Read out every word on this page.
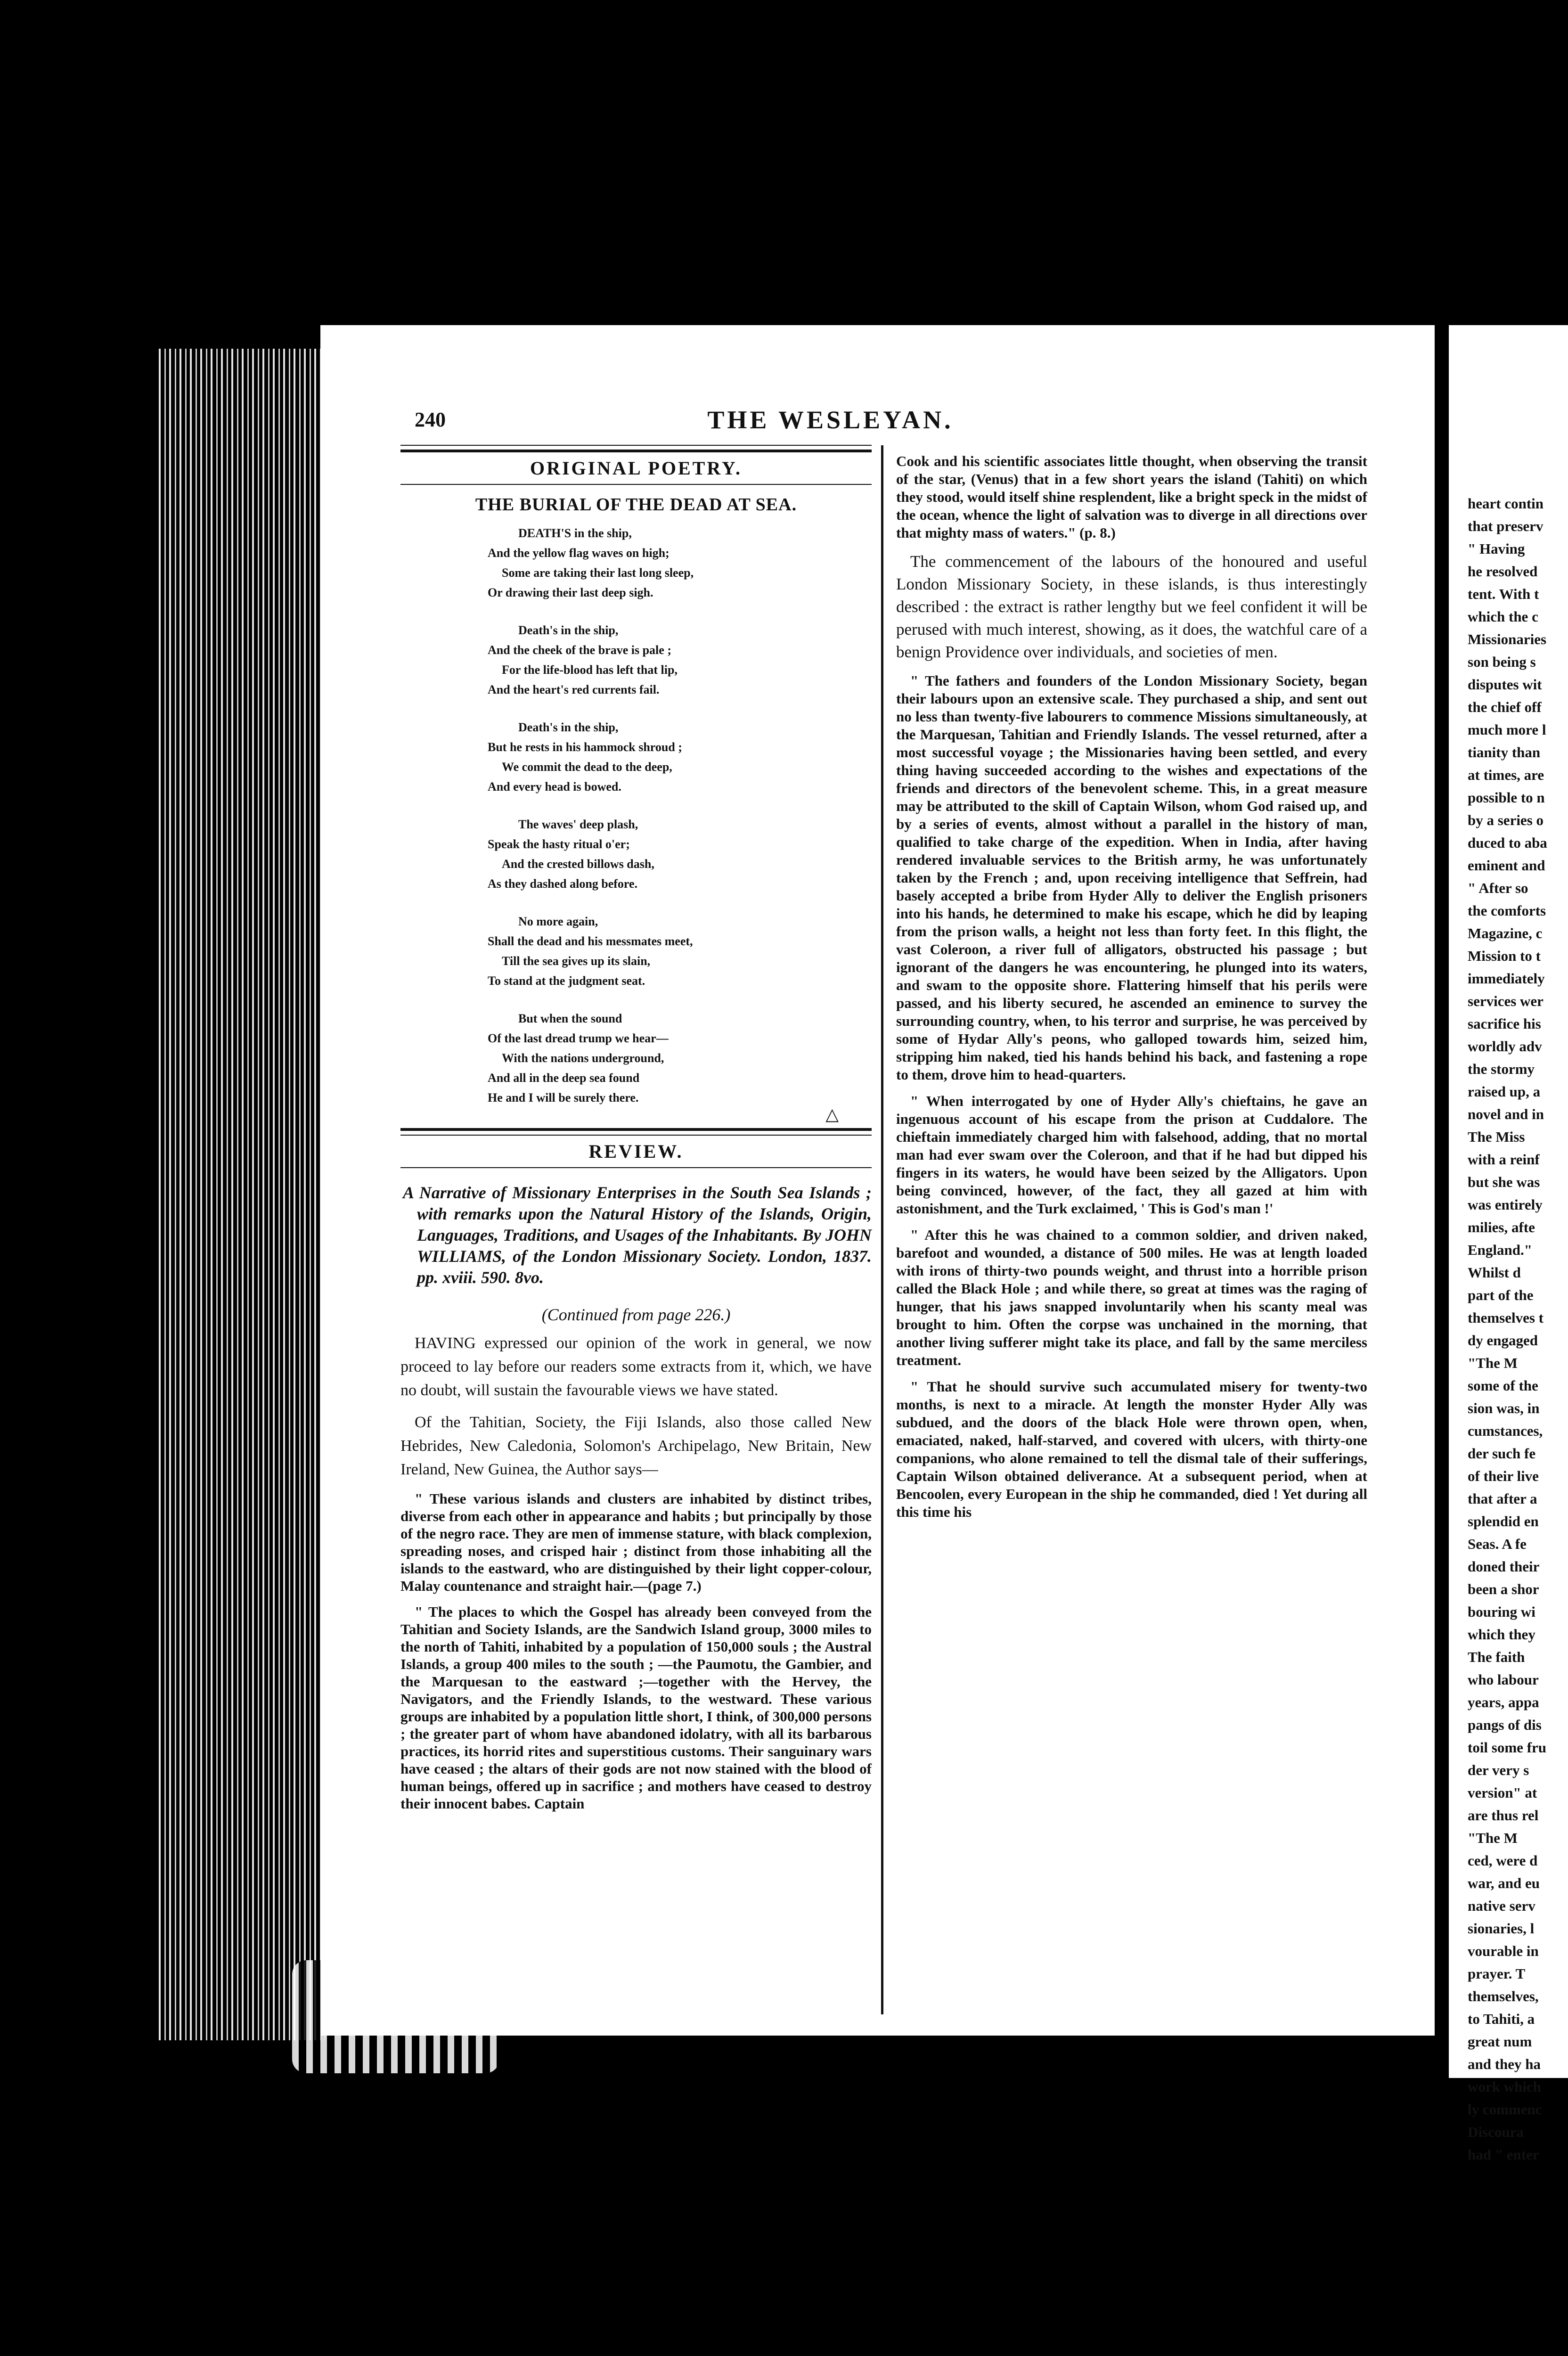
240	THE WESLEYAN.
ORIGINAL POETRY.
THE BURIAL OF THE DEAD AT SEA.
DEATH'S in the ship,
And the yellow flag waves on high;
Some are taking their last long sleep,
Or drawing their last deep sigh.
Death's in the ship,
And the cheek of the brave is pale ;
For the life-blood has left that lip,
And the heart's red currents fail.
Death's in the ship,
But he rests in his hammock shroud ;
We commit the dead to the deep,
And every head is bowed.
The waves' deep plash,
Speak the hasty ritual o'er;
And the crested billows dash,
As they dashed along before.
No more again,
Shall the dead and his messmates meet,
Till the sea gives up its slain,
To stand at the judgment seat.
But when the sound
Of the last dread trump we hear—
With the nations underground,
And all in the deep sea found
He and I will be surely there.
△
REVIEW.
A Narrative of Missionary Enterprises in the South Sea Islands ; with remarks upon the Natural History of the Islands, Origin, Languages, Traditions, and Usages of the Inhabitants. By JOHN WILLIAMS, of the London Missionary Society. London, 1837. pp. xviii. 590. 8vo.
(Continued from page 226.)

HAVING expressed our opinion of the work in general, we now proceed to lay before our readers some extracts from it, which, we have no doubt, will sustain the favourable views we have stated.

Of the Tahitian, Society, the Fiji Islands, also those called New Hebrides, New Caledonia, Solomon's Archipelago, New Britain, New Ireland, New Guinea, the Author says—

" These various islands and clusters are inhabited by distinct tribes, diverse from each other in appearance and habits ; but principally by those of the negro race. They are men of immense stature, with black complexion, spreading noses, and crisped hair ; distinct from those inhabiting all the islands to the eastward, who are distinguished by their light copper-colour, Malay countenance and straight hair.—(page 7.)

" The places to which the Gospel has already been conveyed from the Tahitian and Society Islands, are the Sandwich Island group, 3000 miles to the north of Tahiti, inhabited by a population of 150,000 souls ; the Austral Islands, a group 400 miles to the south ; —the Paumotu, the Gambier, and the Marquesan to the eastward ;—together with the Hervey, the Navigators, and the Friendly Islands, to the westward. These various groups are inhabited by a population little short, I think, of 300,000 persons ; the greater part of whom have abandoned idolatry, with all its barbarous practices, its horrid rites and superstitious customs. Their sanguinary wars have ceased ; the altars of their gods are not now stained with the blood of human beings, offered up in sacrifice ; and mothers have ceased to destroy their innocent babes. Captain

Cook and his scientific associates little thought, when observing the transit of the star, (Venus) that in a few short years the island (Tahiti) on which they stood, would itself shine resplendent, like a bright speck in the midst of the ocean, whence the light of salvation was to diverge in all directions over that mighty mass of waters." (p. 8.)

The commencement of the labours of the honoured and useful London Missionary Society, in these islands, is thus interestingly described : the extract is rather lengthy but we feel confident it will be perused with much interest, showing, as it does, the watchful care of a benign Providence over individuals, and societies of men.

" The fathers and founders of the London Missionary Society, began their labours upon an extensive scale. They purchased a ship, and sent out no less than twenty-five labourers to commence Missions simultaneously, at the Marquesan, Tahitian and Friendly Islands. The vessel returned, after a most successful voyage ; the Missionaries having been settled, and every thing having succeeded according to the wishes and expectations of the friends and directors of the benevolent scheme. This, in a great measure may be attributed to the skill of Captain Wilson, whom God raised up, and by a series of events, almost without a parallel in the history of man, qualified to take charge of the expedition. When in India, after having rendered invaluable services to the British army, he was unfortunately taken by the French ; and, upon receiving intelligence that Seffrein, had basely accepted a bribe from Hyder Ally to deliver the English prisoners into his hands, he determined to make his escape, which he did by leaping from the prison walls, a height not less than forty feet. In this flight, the vast Coleroon, a river full of alligators, obstructed his passage ; but ignorant of the dangers he was encountering, he plunged into its waters, and swam to the opposite shore. Flattering himself that his perils were passed, and his liberty secured, he ascended an eminence to survey the surrounding country, when, to his terror and surprise, he was perceived by some of Hydar Ally's peons, who galloped towards him, seized him, stripping him naked, tied his hands behind his back, and fastening a rope to them, drove him to head-quarters.

" When interrogated by one of Hyder Ally's chieftains, he gave an ingenuous account of his escape from the prison at Cuddalore. The chieftain immediately charged him with falsehood, adding, that no mortal man had ever swam over the Coleroon, and that if he had but dipped his fingers in its waters, he would have been seized by the Alligators. Upon being convinced, however, of the fact, they all gazed at him with astonishment, and the Turk exclaimed, ' This is God's man !'

" After this he was chained to a common soldier, and driven naked, barefoot and wounded, a distance of 500 miles. He was at length loaded with irons of thirty-two pounds weight, and thrust into a horrible prison called the Black Hole ; and while there, so great at times was the raging of hunger, that his jaws snapped involuntarily when his scanty meal was brought to him. Often the corpse was unchained in the morning, that another living sufferer might take its place, and fall by the same merciless treatment.

" That he should survive such accumulated misery for twenty-two months, is next to a miracle. At length the monster Hyder Ally was subdued, and the doors of the black Hole were thrown open, when, emaciated, naked, half-starved, and covered with ulcers, with thirty-one companions, who alone remained to tell the dismal tale of their sufferings, Captain Wilson obtained deliverance. At a subsequent period, when at Bencoolen, every European in the ship he commanded, died ! Yet during all this time his

heart contin
that preserv
" Having
he resolved
tent. With t
which the c
Missionaries
son being s
disputes wit
the chief off
much more l
tianity than
at times, are
possible to n
by a series o
duced to aba
eminent and
" After so
the comforts
Magazine, c
Mission to t
immediately
services wer
sacrifice his
worldly adv
the stormy
raised up, a
novel and in
The Miss
with a reinf
but she was
was entirely
milies, afte
England."
Whilst d
part of the
themselves t
dy engaged
"The M
some of the
sion was, in
cumstances,
der such fe
of their live
that after a
splendid en
Seas. A fe
doned their
been a shor
bouring wi
which they
The faith
who labour
years, appa
pangs of dis
toil some fru
der very s
version" at
are thus rel
"The M
ced, were d
war, and eu
native serv
sionaries, l
vourable in
prayer. T
themselves,
to Tahiti, a
great num
and they ha
work which
ly commenc
Discoura
had " enter
